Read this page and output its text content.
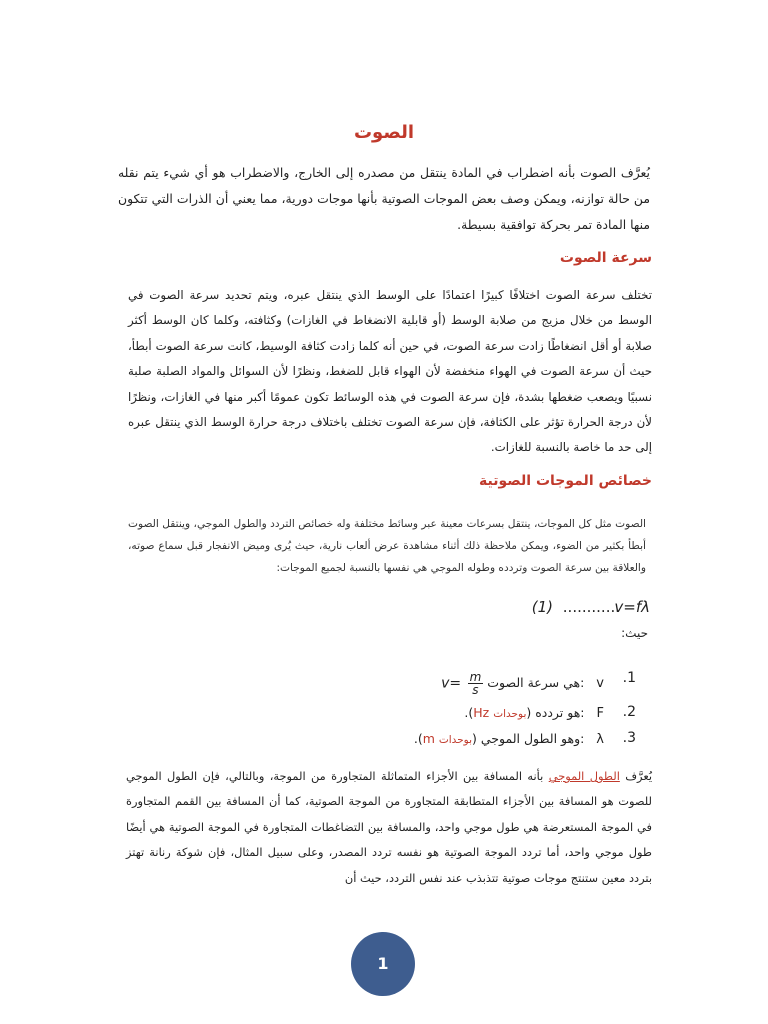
الصوت
يُعرَّف الصوت بأنه اضطراب في المادة ينتقل من مصدره إلى الخارج، والاضطراب هو أي شيء يتم نقله من حالة توازنه، ويمكن وصف بعض الموجات الصوتية بأنها موجات دورية، مما يعني أن الذرات التي تتكون منها المادة تمر بحركة توافقية بسيطة.
سرعة الصوت
تختلف سرعة الصوت اختلافًا كبيرًا اعتمادًا على الوسط الذي ينتقل عبره، ويتم تحديد سرعة الصوت في الوسط من خلال مزيج من صلابة الوسط (أو قابلية الانضغاط في الغازات) وكثافته، وكلما كان الوسط أكثر صلابة أو أقل انضغاطًا زادت سرعة الصوت، في حين أنه كلما زادت كثافة الوسيط، كانت سرعة الصوت أبطأ، حيث أن سرعة الصوت في الهواء منخفضة لأن الهواء قابل للضغط، ونظرًا لأن السوائل والمواد الصلبة صلبة نسبيًا ويصعب ضغطها بشدة، فإن سرعة الصوت في هذه الوسائط تكون عمومًا أكبر منها في الغازات، ونظرًا لأن درجة الحرارة تؤثر على الكثافة، فإن سرعة الصوت تختلف باختلاف درجة حرارة الوسط الذي ينتقل عبره إلى حد ما خاصة بالنسبة للغازات.
خصائص الموجات الصوتية
الصوت مثل كل الموجات، ينتقل بسرعات معينة عبر وسائط مختلفة وله خصائص التردد والطول الموجي، وينتقل الصوت أبطأ بكثير من الضوء، ويمكن ملاحظة ذلك أثناء مشاهدة عرض ألعاب نارية، حيث يُرى وميض الانفجار قبل سماع صوته، والعلاقة بين سرعة الصوت وتردده وطوله الموجي هي نفسها بالنسبة لجميع الموجات:
(1) ............
v=fλ
حيث:
1.
v :هي سرعة الصوت $v= \frac{m}{s}$
2.
F :هو تردده (بوحدات Hz).
3.
λ :وهو الطول الموجي (بوحدات m).
يُعرَّف الطول الموجي بأنه المسافة بين الأجزاء المتماثلة المتجاورة من الموجة، وبالتالي، فإن الطول الموجي للصوت هو المسافة بين الأجزاء المتطابقة المتجاورة من الموجة الصوتية، كما أن المسافة بين القمم المتجاورة في الموجة المستعرضة هي طول موجي واحد، والمسافة بين التضاغطات المتجاورة في الموجة الصوتية هي أيضًا طول موجي واحد، أما تردد الموجة الصوتية هو نفسه تردد المصدر، وعلى سبيل المثال، فإن شوكة رنانة تهتز بتردد معين ستنتج موجات صوتية تتذبذب عند نفس التردد، حيث أن
1
